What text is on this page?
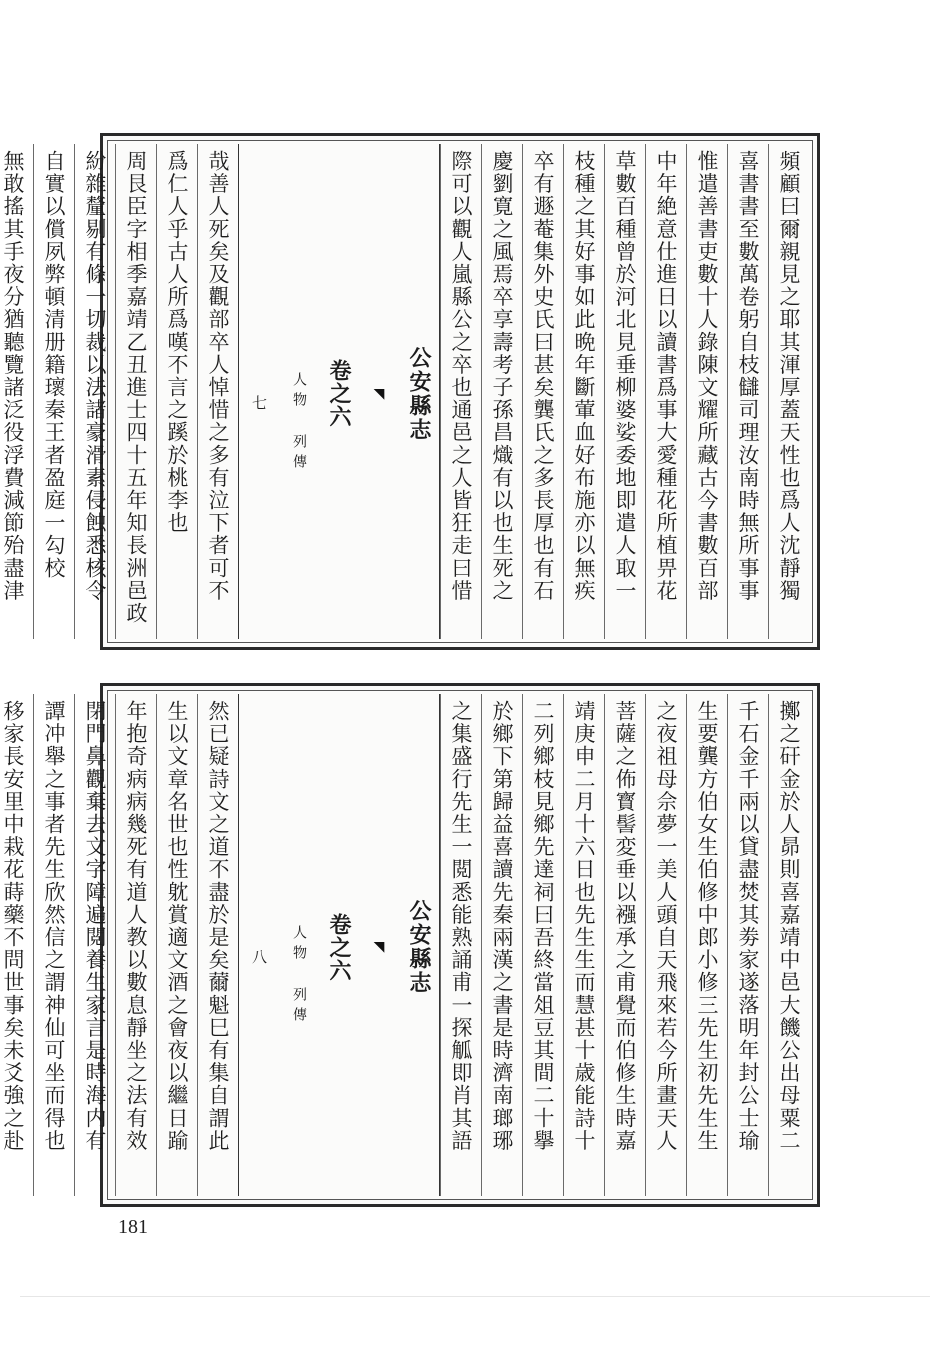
頻顧曰爾親見之耶其渾厚蓋天性也爲人沈靜獨
喜書書至數萬卷躬自枝讎司理汝南時無所事事
惟遣善書吏數十人錄陳文耀所藏古今書數百部
中年絶意仕進日以讀書爲事大愛種花所植畀花
草數百種曾於河北見垂柳婆娑委地即遣人取一
枝種之其好事如此晩年斷葷血好布施亦以無疾
卒有遯菴集外史氏曰甚矣龔氏之多長厚也有石
慶劉寛之風焉卒享壽考子孫昌熾有以也生死之
際可以觀人嵐縣公之卒也通邑之人皆狂走曰惜
公安縣志
◥
卷之六
人物 列傳
七
哉善人死矣及觀部卒人悼惜之多有泣下者可不
爲仁人乎古人所爲嘆不言之蹊於桃李也
周艮臣字相季嘉靖乙丑進士四十五年知長洲邑政
紛雜釐剔有條一切裁以法諸豪滑素侵蝕悉核令
自實以償夙弊頓清册籍瓌秦王者盈庭一勾校
無敢搖其手夜分猶聽覽諸泛役浮費減節殆盡津

擲之矸金於人昴則喜嘉靖中邑大饑公出母粟二
千石金千兩以貸盡焚其劵家遂落明年封公士瑜
生要龔方伯女生伯修中郎小修三先生初先生生
之夜祖母佘夢一美人頭自天飛來若今所畫天人
菩薩之佈寳髻変垂以襁承之甫覺而伯修生時嘉
靖庚申二月十六日也先生生而慧甚十歳能詩十
二列鄉枝見鄉先達祠曰吾終當俎豆其間二十擧
於鄉下第歸益喜讀先秦兩漢之書是時濟南瑯琊
之集盛行先生一閲悉能熟誦甫一探觚即肖其語
公安縣志
◥
卷之六
人物 列傳
八
然已疑詩文之道不盡於是矣薾魁巳有集自謂此
生以文章名世也性躭賞適文酒之會夜以繼日踰
年抱奇病病幾死有道人教以數息靜坐之法有效
閉門鼻觀棄去文字障遍閲養生家言是時海内有
譚冲舉之事者先生欣然信之謂神仙可坐而得也
移家長安里中栽花蒔藥不問世事矣未爻強之赴
181
